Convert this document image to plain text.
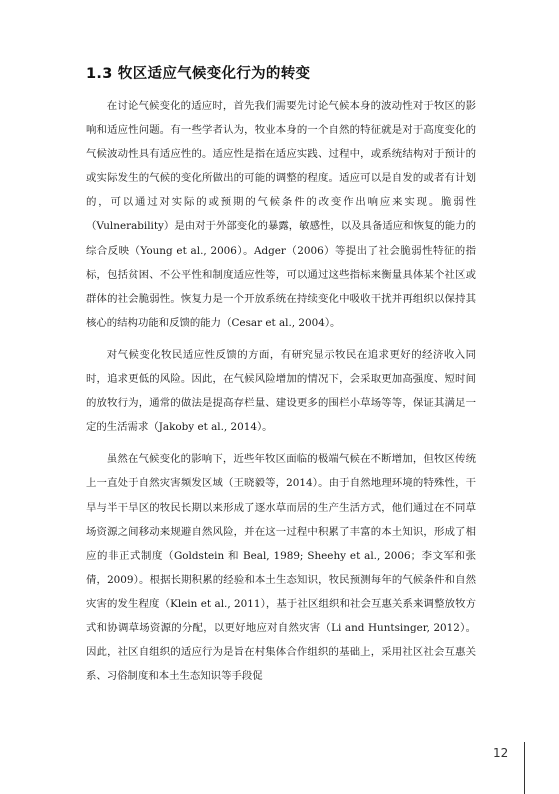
1.3 牧区适应气候变化行为的转变

在讨论气候变化的适应时，首先我们需要先讨论气候本身的波动性对于牧区的影响和适应性问题。有一些学者认为，牧业本身的一个自然的特征就是对于高度变化的气候波动性具有适应性的。适应性是指在适应实践、过程中，或系统结构对于预计的或实际发生的气候的变化所做出的可能的调整的程度。适应可以是自发的或者有计划的，可以通过对实际的或预期的气候条件的改变作出响应来实现。脆弱性（Vulnerability）是由对于外部变化的暴露，敏感性，以及具备适应和恢复的能力的综合反映（Young et al., 2006）。Adger（2006）等提出了社会脆弱性特征的指标，包括贫困、不公平性和制度适应性等，可以通过这些指标来衡量具体某个社区或群体的社会脆弱性。恢复力是一个开放系统在持续变化中吸收干扰并再组织以保持其核心的结构功能和反馈的能力（Cesar et al., 2004）。

对气候变化牧民适应性反馈的方面，有研究显示牧民在追求更好的经济收入同时，追求更低的风险。因此，在气候风险增加的情况下，会采取更加高强度、短时间的放牧行为，通常的做法是提高存栏量、建设更多的围栏小草场等等，保证其满足一定的生活需求（Jakoby et al., 2014）。

虽然在气候变化的影响下，近些年牧区面临的极端气候在不断增加，但牧区传统上一直处于自然灾害频发区域（王晓毅等，2014）。由于自然地理环境的特殊性，干旱与半干旱区的牧民长期以来形成了逐水草而居的生产生活方式，他们通过在不同草场资源之间移动来规避自然风险，并在这一过程中积累了丰富的本土知识，形成了相应的非正式制度（Goldstein 和 Beal, 1989; Sheehy et al., 2006；李文军和张倩，2009）。根据长期积累的经验和本土生态知识，牧民预测每年的气候条件和自然灾害的发生程度（Klein et al., 2011），基于社区组织和社会互惠关系来调整放牧方式和协调草场资源的分配，以更好地应对自然灾害（Li and Huntsinger, 2012）。因此，社区自组织的适应行为是旨在村集体合作组织的基础上，采用社区社会互惠关系、习俗制度和本土生态知识等手段促

12
